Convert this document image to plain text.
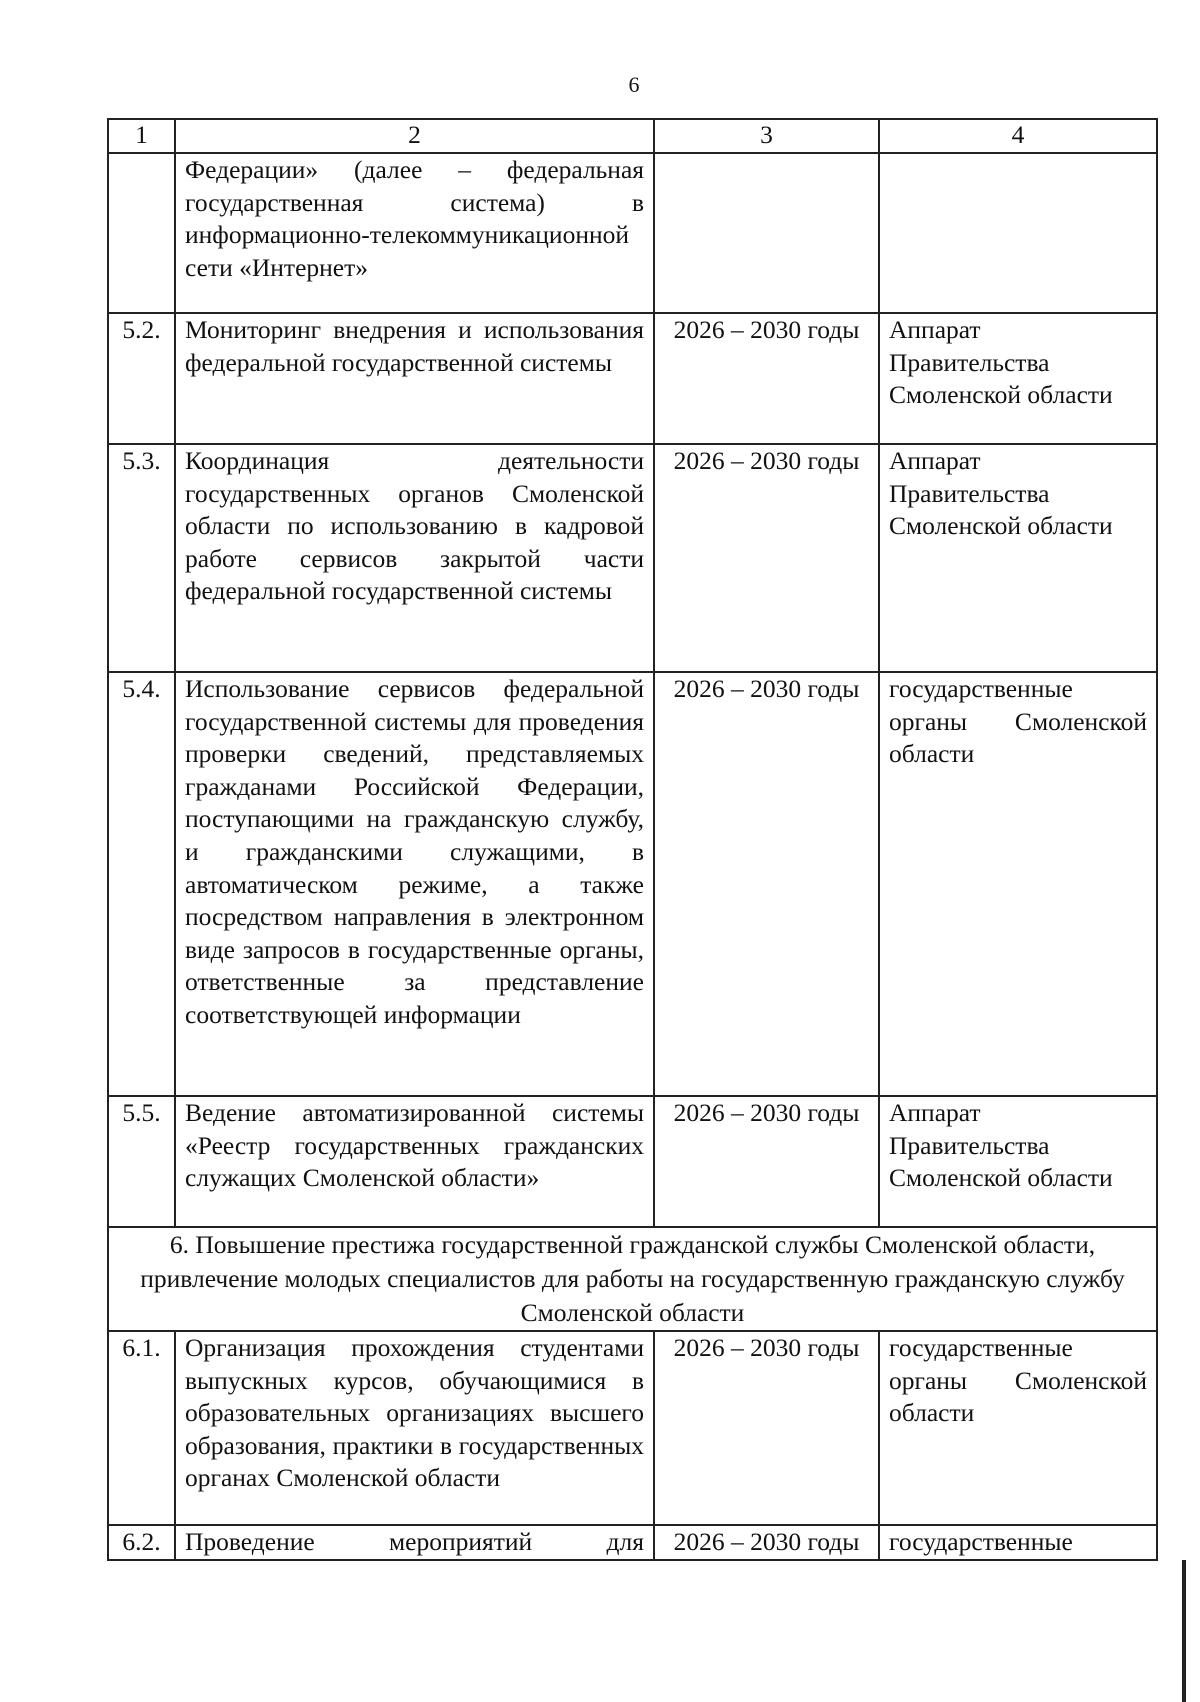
6
1	2	3	4
	Федерации» (далее – федеральная государственная система) в информационно-телекоммуникационной сети «Интернет»		
5.2.	Мониторинг внедрения и использования федеральной государственной системы	2026 – 2030 годы	Аппарат Правительства Смоленской области
5.3.	Координация деятельности государственных органов Смоленской области по использованию в кадровой работе сервисов закрытой части федеральной государственной системы	2026 – 2030 годы	Аппарат Правительства Смоленской области
5.4.	Использование сервисов федеральной государственной системы для проведения проверки сведений, представляемых гражданами Российской Федерации, поступающими на гражданскую службу, и гражданскими служащими, в автоматическом режиме, а также посредством направления в электронном виде запросов в государственные органы, ответственные за представление соответствующей информации	2026 – 2030 годы	государственные органы Смоленской области
5.5.	Ведение автоматизированной системы «Реестр государственных гражданских служащих Смоленской области»	2026 – 2030 годы	Аппарат Правительства Смоленской области
6. Повышение престижа государственной гражданской службы Смоленской области, привлечение молодых специалистов для работы на государственную гражданскую службу Смоленской области			
6.1.	Организация прохождения студентами выпускных курсов, обучающимися в образовательных организациях высшего образования, практики в государственных органах Смоленской области	2026 – 2030 годы	государственные органы Смоленской области
6.2.	Проведение мероприятий для	2026 – 2030 годы	государственные
